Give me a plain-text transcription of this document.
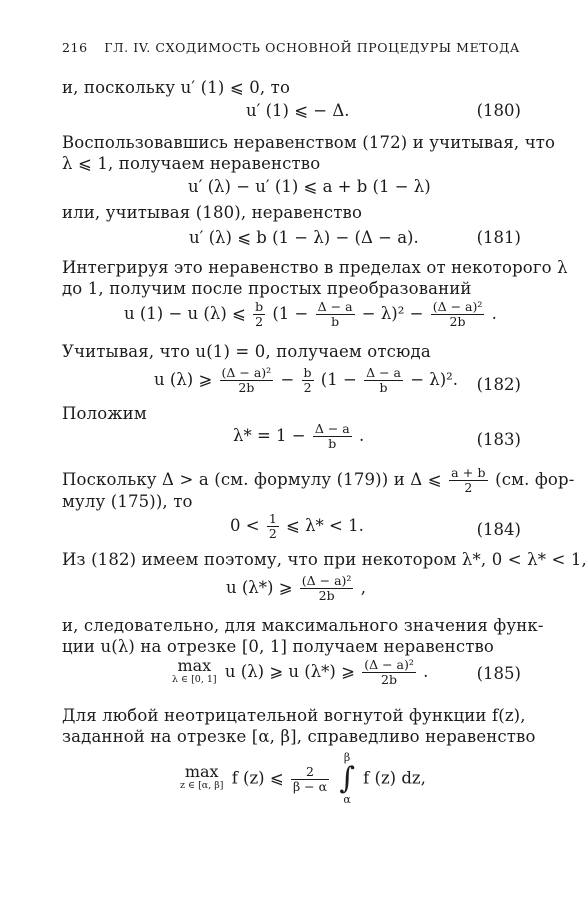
216 ГЛ. IV. СХОДИМОСТЬ ОСНОВНОЙ ПРОЦЕДУРЫ МЕТОДА
и, поскольку u′ (1) ⩽ 0, то
u′ (1) ⩽ − Δ.	(180)
Воспользовавшись неравенством (172) и учитывая, что
λ ⩽ 1, получаем неравенство
u′ (λ) − u′ (1) ⩽ a + b (1 − λ)
или, учитывая (180), неравенство
u′ (λ) ⩽ b (1 − λ) − (Δ − a).	(181)
Интегрируя это неравенство в пределах от некоторого λ
до 1, получим после простых преобразований
u (1) − u (λ) ⩽ $\frac{b}{2} (1 - \frac{\Delta - a}{b} - \lambda)^2 - \frac{\text{(Δ − a)²}}{2b}$ .
Учитывая, что u(1) = 0, получаем отсюда
u (λ) ⩾ $\frac{\text{(Δ − a)²}}{2b} - \frac{b}{2} (1 - \frac{\Delta - a}{b} - \lambda)^2$. (182)
Положим
$\lambda* = 1 - \frac{\Delta - a}{b}$ .	(183)
Поскольку Δ > a (см. формулу (179)) и Δ ⩽ $\frac{a + b}{2} (см$. фор-
мулу (175)), то
$0 < \frac{1}{2}$ ⩽ λ* < 1.	(184)
Из (182) имеем поэтому, что при некотором λ*, 0 < λ* < 1,
u (λ*) ⩾ $\frac{\text{(Δ − a)²}}{2b}$ ,
и, следовательно, для максимального значения функ-
ции u(λ) на отрезке [0, 1] получаем неравенство
max
λ ∈ [0, 1] u (λ) ⩾ u (λ*) ⩾ $\frac{\text{(Δ − a)²}}{2b}$ .	(185)
Для любой неотрицательной вогнутой функции f(z),
заданной на отрезке [α, β], справедливо неравенство
max
z ∈ [α, β] f (z) ⩽ $\frac{2}{\beta - \alpha}$

β
∫
α
f (z) dz,
